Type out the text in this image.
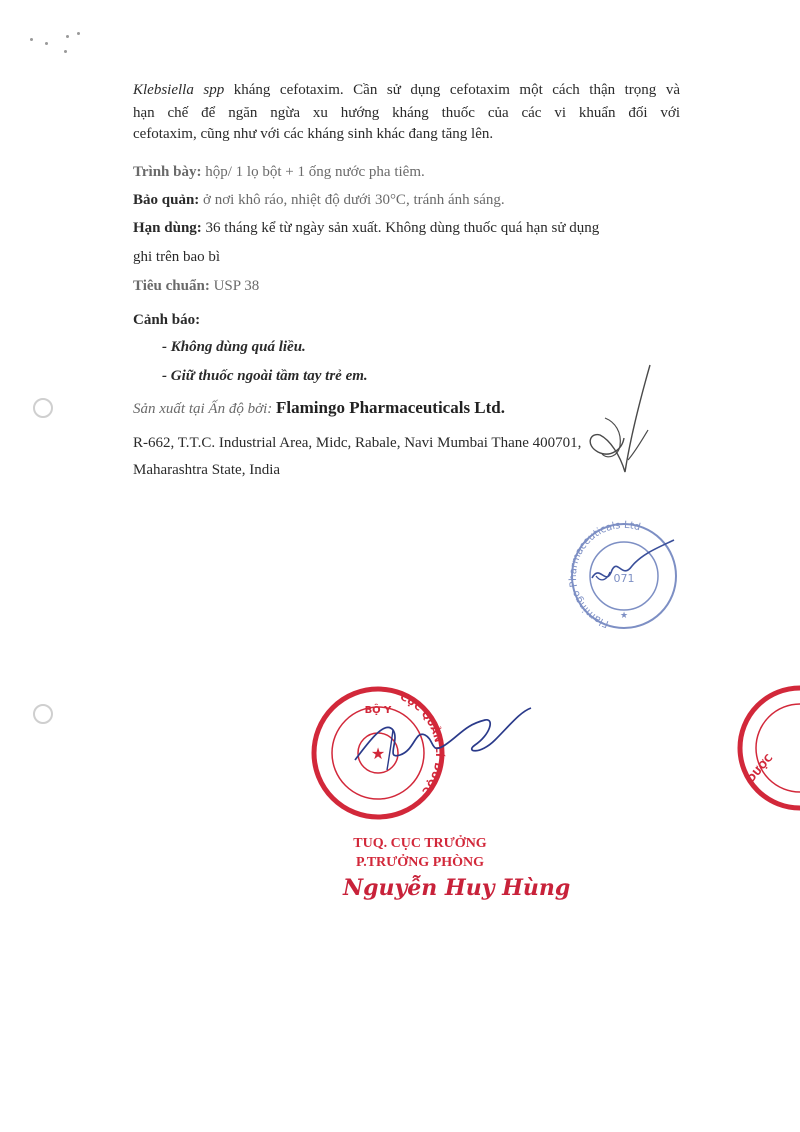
Klebsiella spp kháng cefotaxim. Cần sử dụng cefotaxim một cách thận trọng và
hạn chế để ngăn ngừa xu hướng kháng thuốc của các vi khuẩn đối với
cefotaxim, cũng như với các kháng sinh khác đang tăng lên.
Trình bày: hộp/ 1 lọ bột + 1 ống nước pha tiêm.
Bảo quản: ở nơi khô ráo, nhiệt độ dưới 30°C, tránh ánh sáng.
Hạn dùng: 36 tháng kể từ ngày sản xuất. Không dùng thuốc quá hạn sử dụng
ghi trên bao bì
Tiêu chuẩn: USP 38
Cảnh báo:
- Không dùng quá liều.
- Giữ thuốc ngoài tầm tay trẻ em.
Sản xuất tại Ấn độ bởi: Flamingo Pharmaceuticals Ltd.
R-662, T.T.C. Industrial Area, Midc, Rabale, Navi Mumbai Thane 400701,
Maharashtra State, India
Flamingo Pharmaceuticals Ltd
071
★
BỘ Y
CỤC QUẢN LÝ DƯỢC
★	DƯỢC
TUQ. CỤC TRƯỞNG
P.TRƯỞNG PHÒNG
Nguyễn Huy Hùng
